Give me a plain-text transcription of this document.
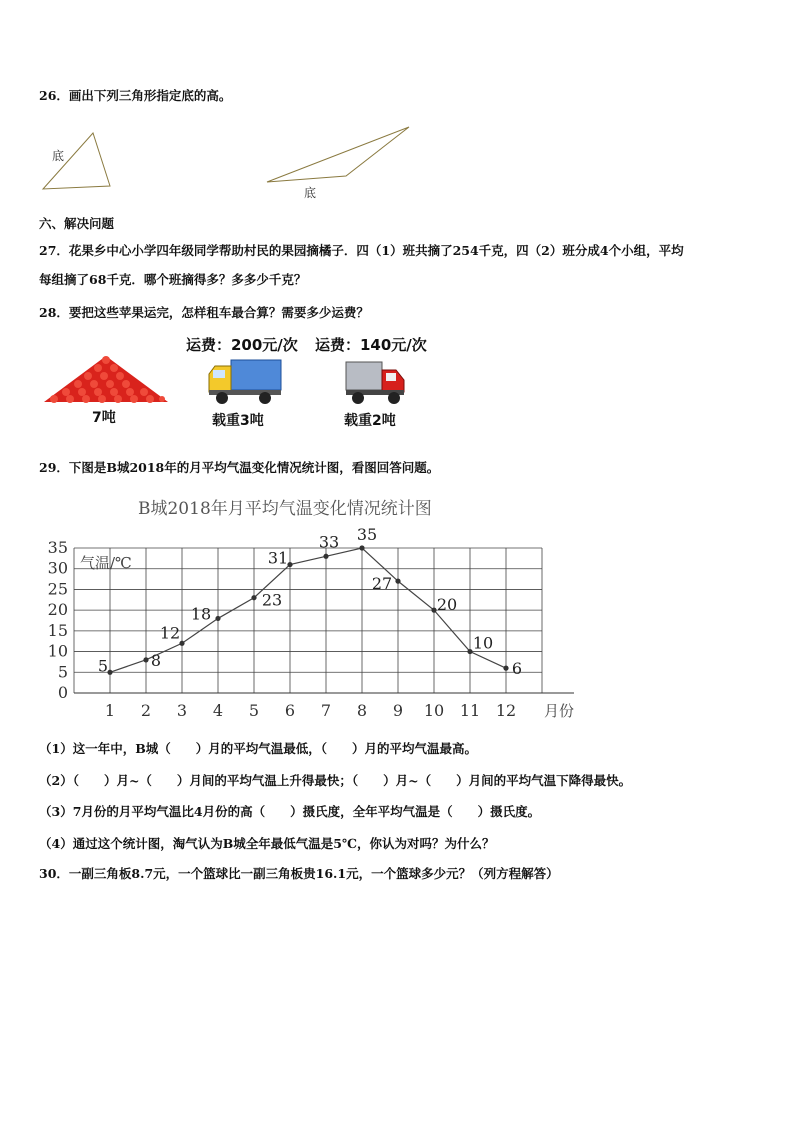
26．画出下列三角形指定底的高。
底
底
六、解决问题
27．花果乡中心小学四年级同学帮助村民的果园摘橘子．四（1）班共摘了254千克，四（2）班分成4个小组，平均
每组摘了68千克．哪个班摘得多？多多少千克？
28．要把这些苹果运完，怎样租车最合算？需要多少运费？
运费：200元/次 运费：140元/次
7吨	载重3吨	载重2吨
29．下图是B城2018年的月平均气温变化情况统计图，看图回答问题。
B城2018年月平均气温变化情况统计图
0
5
10
15
20
25
30
35
1 2 3 4 5 6 7 8 9 10 11 12
气温/℃
月份
5	8
12
18
23
31
33 35
27
20
10
6
（1）这一年中，B城（　　）月的平均气温最低，（　　）月的平均气温最高。
（2）（　　）月~（　　）月间的平均气温上升得最快；（　　）月~（　　）月间的平均气温下降得最快。
（3）7月份的月平均气温比4月份的高（　　）摄氏度，全年平均气温是（　　）摄氏度。
（4）通过这个统计图，淘气认为B城全年最低气温是5℃，你认为对吗？为什么？
30．一副三角板8.7元，一个篮球比一副三角板贵16.1元，一个篮球多少元？（列方程解答）
